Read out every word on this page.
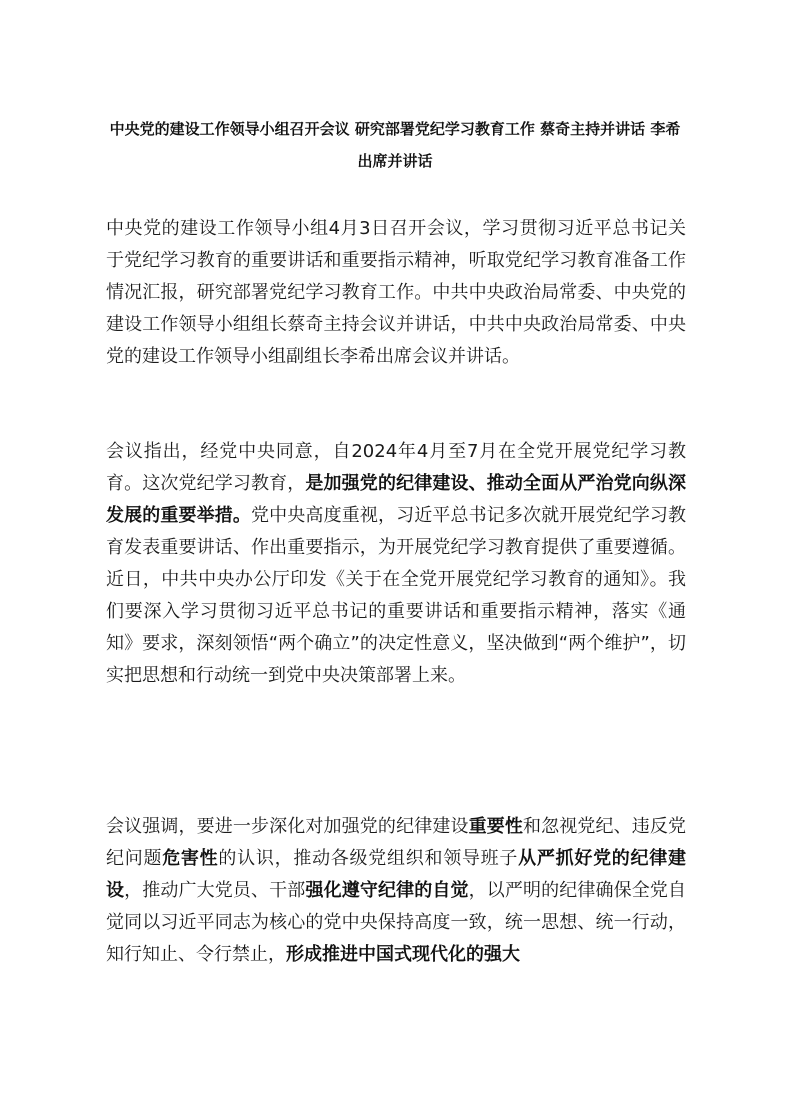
中央党的建设工作领导小组召开会议 研究部署党纪学习教育工作 蔡奇主持并讲话 李希出席并讲话

中央党的建设工作领导小组4月3日召开会议，学习贯彻习近平总书记关于党纪学习教育的重要讲话和重要指示精神，听取党纪学习教育准备工作情况汇报，研究部署党纪学习教育工作。中共中央政治局常委、中央党的建设工作领导小组组长蔡奇主持会议并讲话，中共中央政治局常委、中央党的建设工作领导小组副组长李希出席会议并讲话。

会议指出，经党中央同意，自2024年4月至7月在全党开展党纪学习教育。这次党纪学习教育，是加强党的纪律建设、推动全面从严治党向纵深发展的重要举措。党中央高度重视，习近平总书记多次就开展党纪学习教育发表重要讲话、作出重要指示，为开展党纪学习教育提供了重要遵循。近日，中共中央办公厅印发《关于在全党开展党纪学习教育的通知》。我们要深入学习贯彻习近平总书记的重要讲话和重要指示精神，落实《通知》要求，深刻领悟“两个确立”的决定性意义，坚决做到“两个维护”，切实把思想和行动统一到党中央决策部署上来。

会议强调，要进一步深化对加强党的纪律建设重要性和忽视党纪、违反党纪问题危害性的认识，推动各级党组织和领导班子从严抓好党的纪律建设，推动广大党员、干部强化遵守纪律的自觉，以严明的纪律确保全党自觉同以习近平同志为核心的党中央保持高度一致，统一思想、统一行动，知行知止、令行禁止，形成推进中国式现代化的强大
